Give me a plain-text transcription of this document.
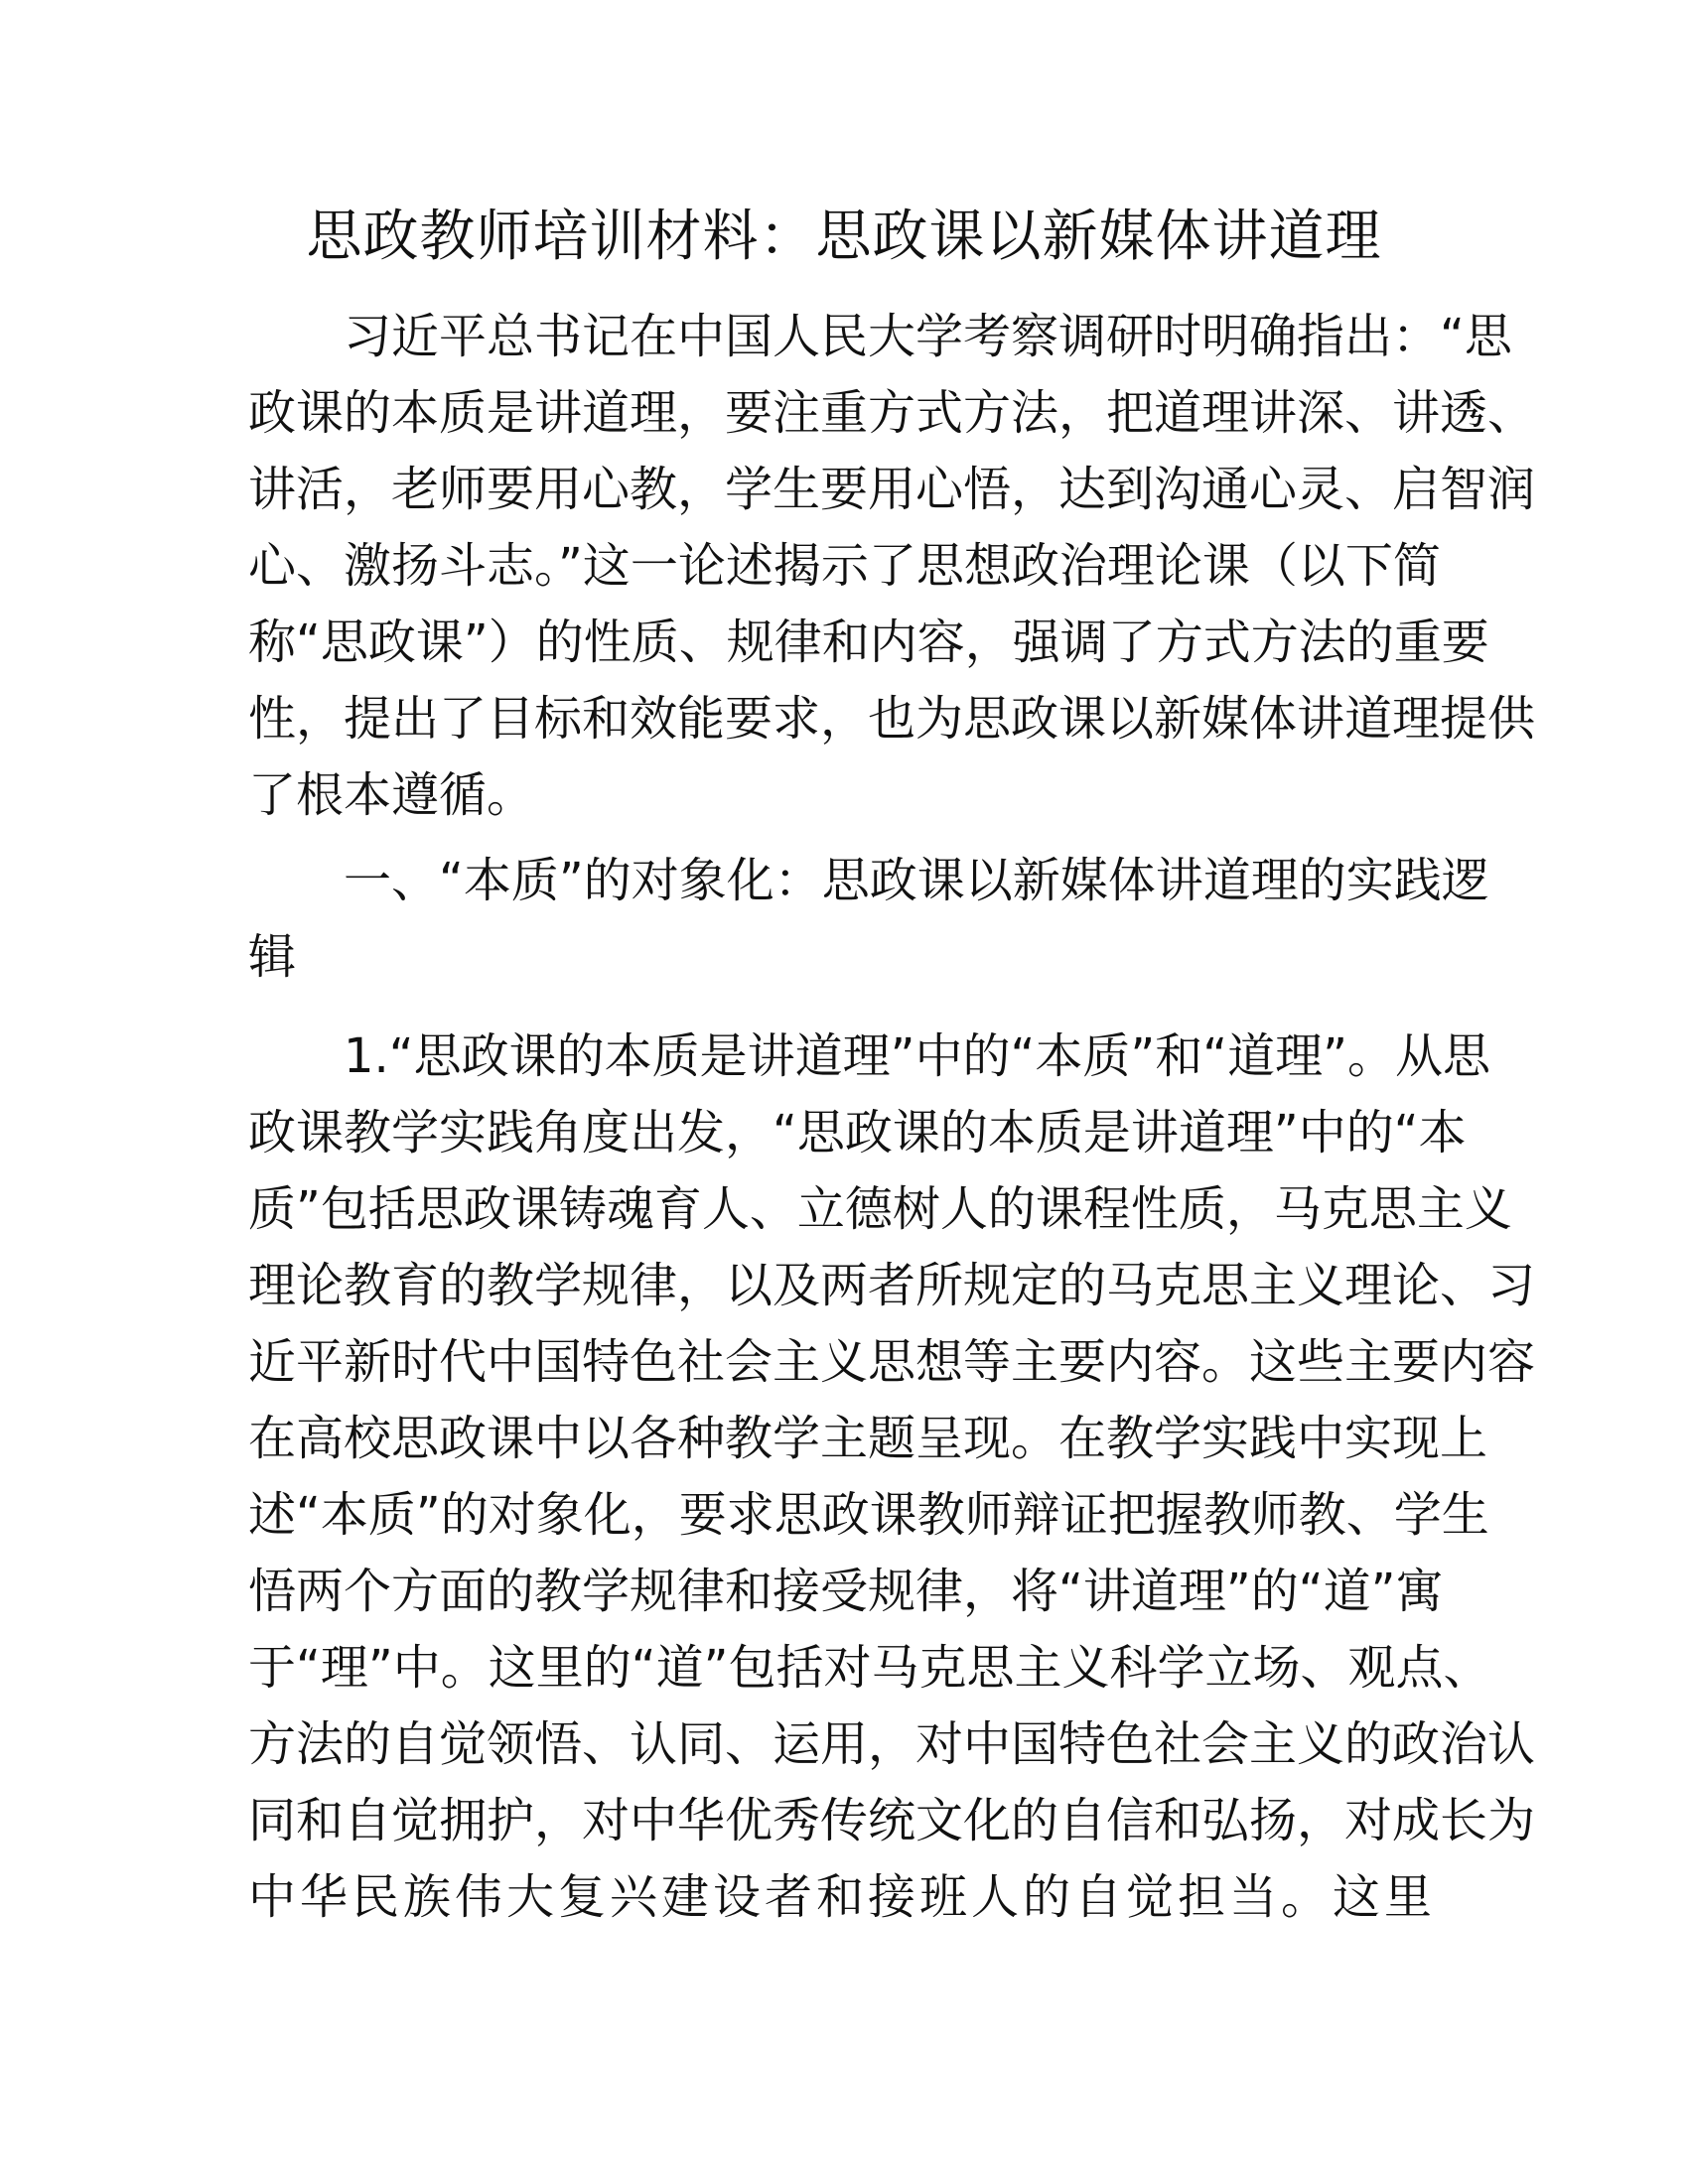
思政教师培训材料：思政课以新媒体讲道理
习近平总书记在中国人民大学考察调研时明确指出：“思
政课的本质是讲道理，要注重方式方法，把道理讲深、讲透、
讲活，老师要用心教，学生要用心悟，达到沟通心灵、启智润
心、激扬斗志。”这一论述揭示了思想政治理论课（以下简
称“思政课”）的性质、规律和内容，强调了方式方法的重要
性，提出了目标和效能要求，也为思政课以新媒体讲道理提供
了根本遵循。
一、“本质”的对象化：思政课以新媒体讲道理的实践逻
辑
1.“思政课的本质是讲道理”中的“本质”和“道理”。从思
政课教学实践角度出发，“思政课的本质是讲道理”中的“本
质”包括思政课铸魂育人、立德树人的课程性质，马克思主义
理论教育的教学规律，以及两者所规定的马克思主义理论、习
近平新时代中国特色社会主义思想等主要内容。这些主要内容
在高校思政课中以各种教学主题呈现。在教学实践中实现上
述“本质”的对象化，要求思政课教师辩证把握教师教、学生
悟两个方面的教学规律和接受规律，将“讲道理”的“道”寓
于“理”中。这里的“道”包括对马克思主义科学立场、观点、
方法的自觉领悟、认同、运用，对中国特色社会主义的政治认
同和自觉拥护，对中华优秀传统文化的自信和弘扬，对成长为
中华民族伟大复兴建设者和接班人的自觉担当。这里
